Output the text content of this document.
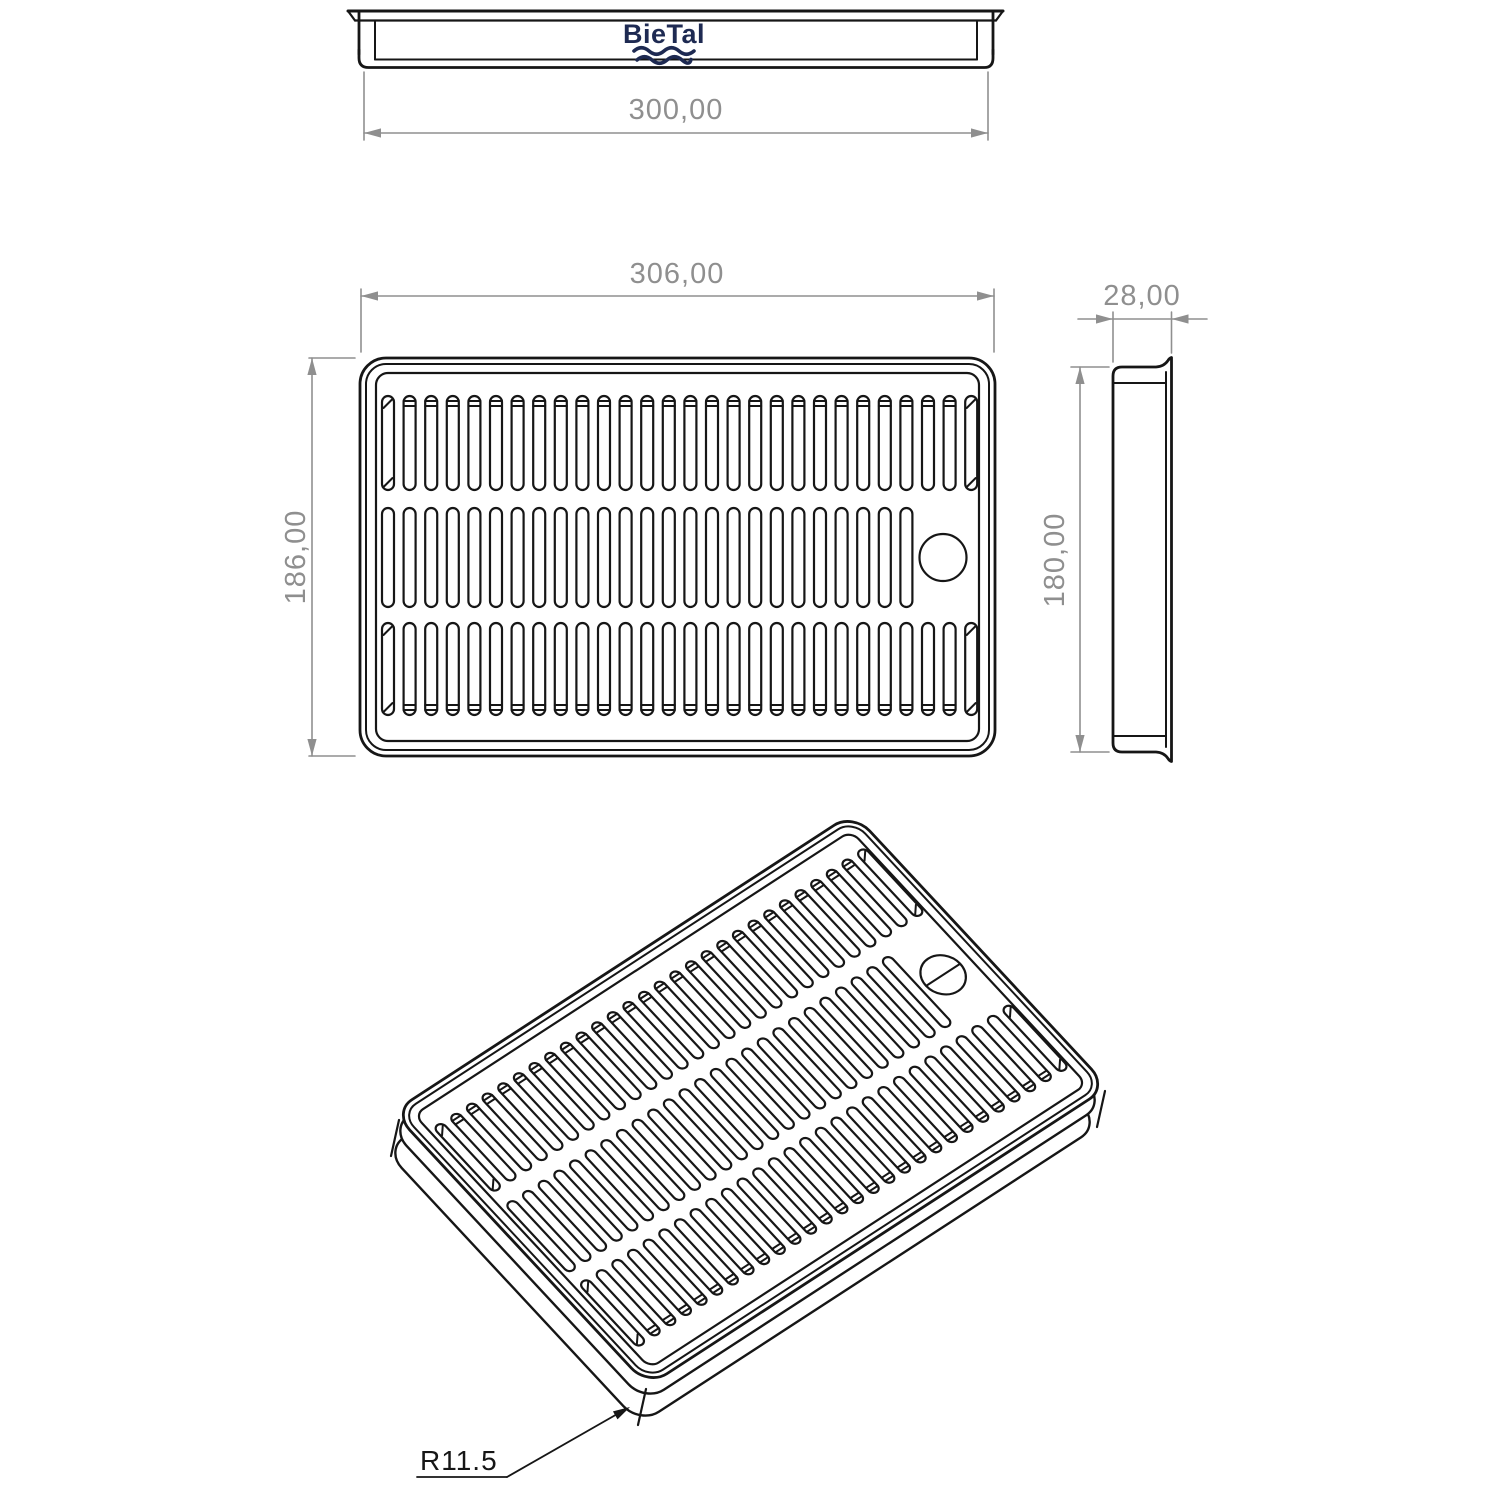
BieTal
300,00
306,00
186,00
28,00
180,00
R11.5
